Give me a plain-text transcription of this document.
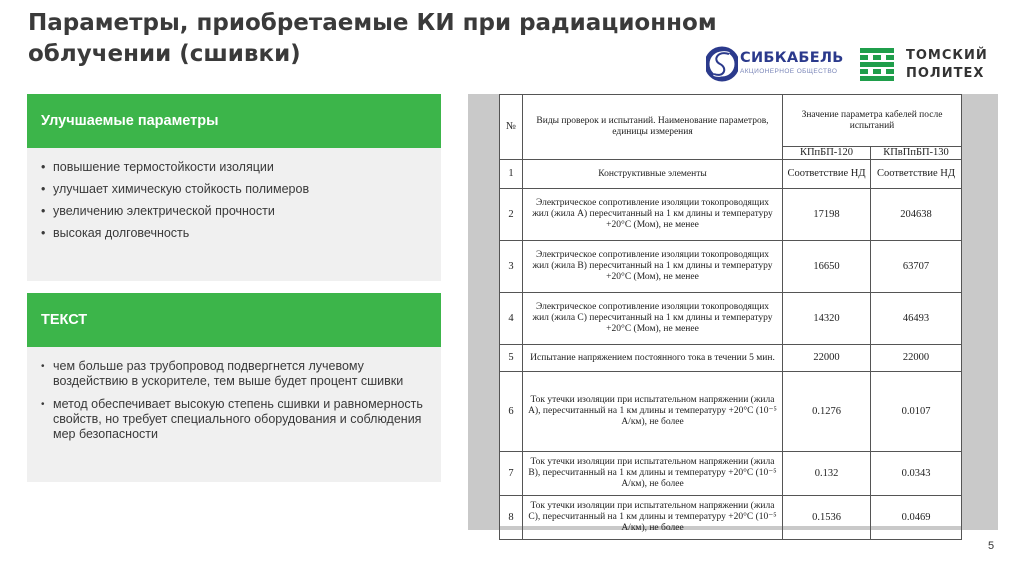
Параметры, приобретаемые КИ при радиационном облучении (сшивки)	СИБКАБЕЛЬ
АКЦИОНЕРНОЕ ОБЩЕСТВО
ТОМСКИЙ
ПОЛИТЕХ
Улучшаемые параметры
• повышение термостойкости изоляции
• улучшает химическую стойкость полимеров
• увеличению электрической прочности
• высокая долговечность
ТЕКСТ
• чем больше раз трубопровод подвергнется лучевому воздействию в ускорителе, тем выше будет процент сшивки
• метод обеспечивает высокую степень сшивки и равномерность свойств, но требует специального оборудования и соблюдения мер безопасности
№	Виды проверок и испытаний. Наименование параметров, единицы измерения	Значение параметра кабелей после испытаний	
		КПпБП-120	КПвПпБП-130
1	Конструктивные элементы	Соответствие НД	Соответствие НД
2	Электрическое сопротивление изоляции токопроводящих жил (жила А) пересчитанный на 1 км длины и температуру +20°С (Мом), не менее	17198	204638
3	Электрическое сопротивление изоляции токопроводящих жил (жила В) пересчитанный на 1 км длины и температуру +20°С (Мом), не менее	16650	63707
4	Электрическое сопротивление изоляции токопроводящих жил (жила С) пересчитанный на 1 км длины и температуру +20°С (Мом), не менее	14320	46493
5	Испытание напряжением постоянного тока в течении 5 мин.	22000	22000
6	Ток утечки изоляции при испытательном напряжении (жила А), пересчитанный на 1 км длины и температуру +20°С (10⁻⁵ А/км), не более	0.1276	0.0107
7	Ток утечки изоляции при испытательном напряжении (жила В), пересчитанный на 1 км длины и температуру +20°С (10⁻⁵ А/км), не более	0.132	0.0343
8	Ток утечки изоляции при испытательном напряжении (жила С), пересчитанный на 1 км длины и температуру +20°С (10⁻⁵ А/км), не более	0.1536	0.0469
5
